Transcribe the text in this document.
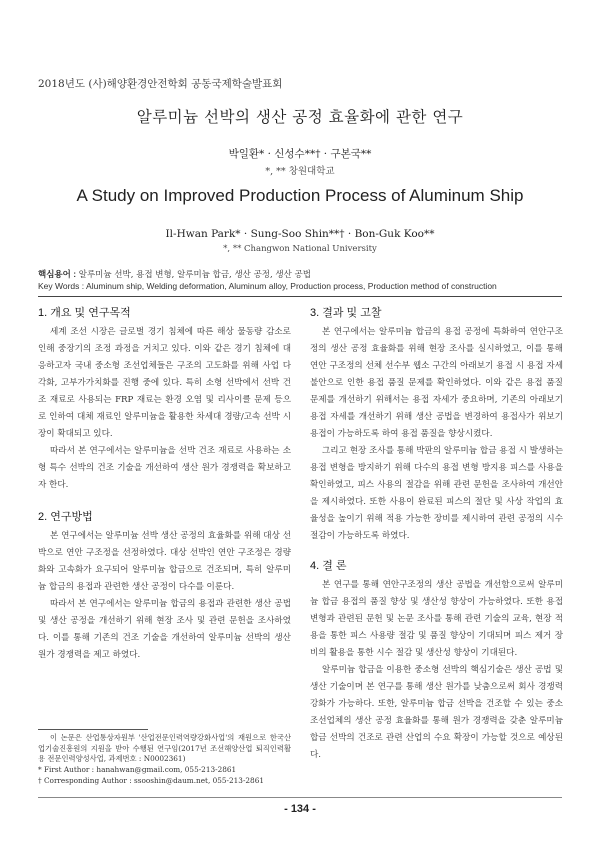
2018년도 (사)해양환경안전학회 공동국제학술발표회
알루미늄 선박의 생산 공정 효율화에 관한 연구
박일환* · 신성수**† · 구본국**
*, ** 창원대학교
A Study on Improved Production Process of Aluminum Ship
Il-Hwan Park* · Sung-Soo Shin**† · Bon-Guk Koo**
*, ** Changwon National University
핵심용어 : 알루미늄 선박, 용접 변형, 알루미늄 합금, 생산 공정, 생산 공법
Key Words : Aluminum ship, Welding deformation, Aluminum alloy, Production process, Production method of construction
1. 개요 및 연구목적

세계 조선 시장은 글로벌 경기 침체에 따른 해상 물동량 감소로 인해 중장기의 조정 과정을 거치고 있다. 이와 같은 경기 침체에 대응하고자 국내 중소형 조선업체들은 구조의 고도화를 위해 사업 다각화, 고부가가치화를 진행 중에 있다. 특히 소형 선박에서 선박 건조 재료로 사용되는 FRP 재료는 환경 오염 및 리사이클 문제 등으로 인하여 대체 재료인 알루미늄을 활용한 차세대 경량/고속 선박 시장이 확대되고 있다.

따라서 본 연구에서는 알루미늄을 선박 건조 재료로 사용하는 소형 특수 선박의 건조 기술을 개선하여 생산 원가 경쟁력을 확보하고자 한다.

2. 연구방법

본 연구에서는 알루미늄 선박 생산 공정의 효율화를 위해 대상 선박으로 연안 구조정을 선정하였다. 대상 선박인 연안 구조정은 경량화와 고속화가 요구되어 알루미늄 합금으로 건조되며, 특히 알루미늄 합금의 용접과 관련한 생산 공정이 다수를 이룬다.

따라서 본 연구에서는 알루미늄 합금의 용접과 관련한 생산 공법 및 생산 공정을 개선하기 위해 현장 조사 및 관련 문헌을 조사하였다. 이를 통해 기존의 건조 기술을 개선하여 알루미늄 선박의 생산 원가 경쟁력을 제고 하였다.

3. 결과 및 고찰

본 연구에서는 알루미늄 합금의 용접 공정에 특화하여 연안구조정의 생산 공정 효율화를 위해 현장 조사를 실시하였고, 이를 통해 연안 구조정의 선체 선수부 웹소 구간의 아래보기 용접 시 용접 자세 불안으로 인한 용접 품질 문제를 확인하였다. 이와 같은 용접 품질 문제를 개선하기 위해서는 용접 자세가 중요하며, 기존의 아래보기 용접 자세를 개선하기 위해 생산 공법을 변경하여 용접사가 위보기 용접이 가능하도록 하여 용접 품질을 향상시켰다.

그리고 현장 조사를 통해 박판의 알루미늄 합금 용접 시 발생하는 용접 변형을 방지하기 위해 다수의 용접 변형 방지용 피스를 사용을 확인하였고, 피스 사용의 절감을 위해 관련 문헌을 조사하여 개선안을 제시하였다. 또한 사용이 완료된 피스의 절단 및 사상 작업의 효율성을 높이기 위해 적용 가능한 장비를 제시하여 관련 공정의 시수 절감이 가능하도록 하였다.

4. 결 론

본 연구를 통해 연안구조정의 생산 공법을 개선함으로써 알루미늄 합금 용접의 품질 향상 및 생산성 향상이 가능하였다. 또한 용접 변형과 관련된 문헌 및 논문 조사를 통해 관련 기술의 교육, 현장 적용을 통한 피스 사용량 절감 및 품질 향상이 기대되며 피스 제거 장비의 활용을 통한 시수 절감 및 생산성 향상이 기대된다.

알루미늄 합금을 이용한 중소형 선박의 핵심기술은 생산 공법 및 생산 기술이며 본 연구를 통해 생산 원가를 낮춤으로써 회사 경쟁력 강화가 가능하다. 또한, 알루미늄 합금 선박을 건조할 수 있는 중소 조선업체의 생산 공정 효율화를 통해 원가 경쟁력을 갖춘 알루미늄 합금 선박의 건조로 관련 산업의 수요 확장이 가능할 것으로 예상된다.

이 논문은 산업통상자원부 '산업전문인력역량강화사업'의 재원으로 한국산업기술진흥원의 지원을 받아 수행된 연구임(2017년 조선해양산업 퇴직인력활용 전문인력양성사업, 과제번호 : N0002361)
* First Author : hanahwan@gmail.com, 055-213-2861
† Corresponding Author : ssooshin@daum.net, 055-213-2861
- 134 -
